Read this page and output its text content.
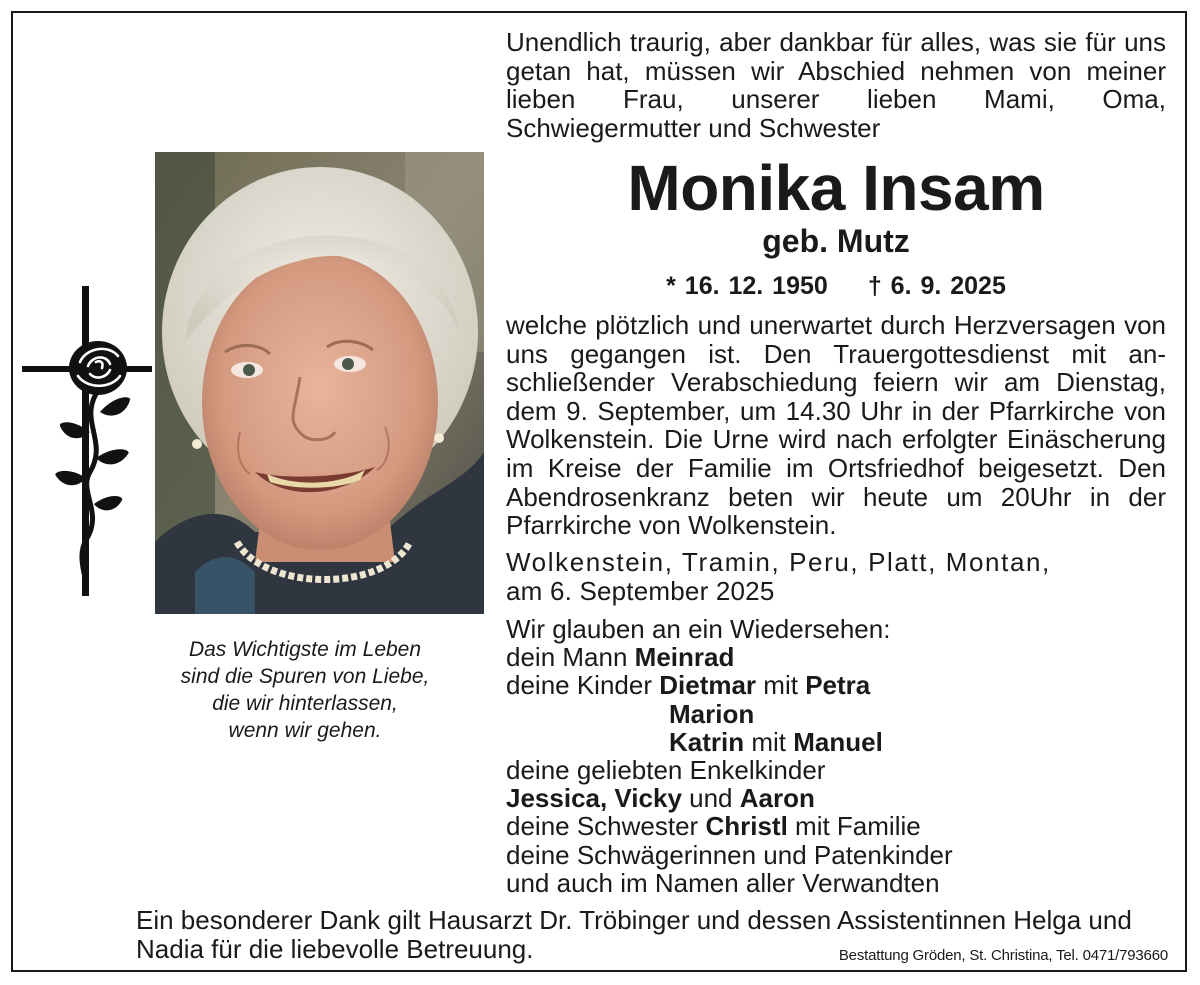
Unendlich traurig, aber dankbar für alles, was sie für uns getan hat, müssen wir Abschied nehmen von meiner lieben Frau, unserer lieben Mami, Oma, Schwiegermutter und Schwester
Monika Insam
geb. Mutz
* 16. 12. 1950 † 6. 9. 2025
welche plötzlich und unerwartet durch Herzversagen von uns gegangen ist. Den Trauergottesdienst mit anschließender Verabschiedung feiern wir am Dienstag, dem 9. September, um 14.30 Uhr in der Pfarrkirche von Wolkenstein. Die Urne wird nach erfolgter Einäscherung im Kreise der Familie im Ortsfriedhof beigesetzt. Den Abendrosenkranz beten wir heute um 20Uhr in der Pfarrkirche von Wolkenstein.
Wolkenstein, Tramin, Peru, Platt, Montan,
am 6. September 2025
Wir glauben an ein Wiedersehen:
dein Mann Meinrad
deine Kinder Dietmar mit Petra
Marion
Katrin mit Manuel
deine geliebten Enkelkinder
Jessica, Vicky und Aaron
deine Schwester Christl mit Familie
deine Schwägerinnen und Patenkinder
und auch im Namen aller Verwandten
Das Wichtigste im Leben
sind die Spuren von Liebe,
die wir hinterlassen,
wenn wir gehen.
Ein besonderer Dank gilt Hausarzt Dr. Tröbinger und dessen Assistentinnen Helga und Nadia für die liebevolle Betreuung.	Bestattung Gröden, St. Christina, Tel. 0471/793660
